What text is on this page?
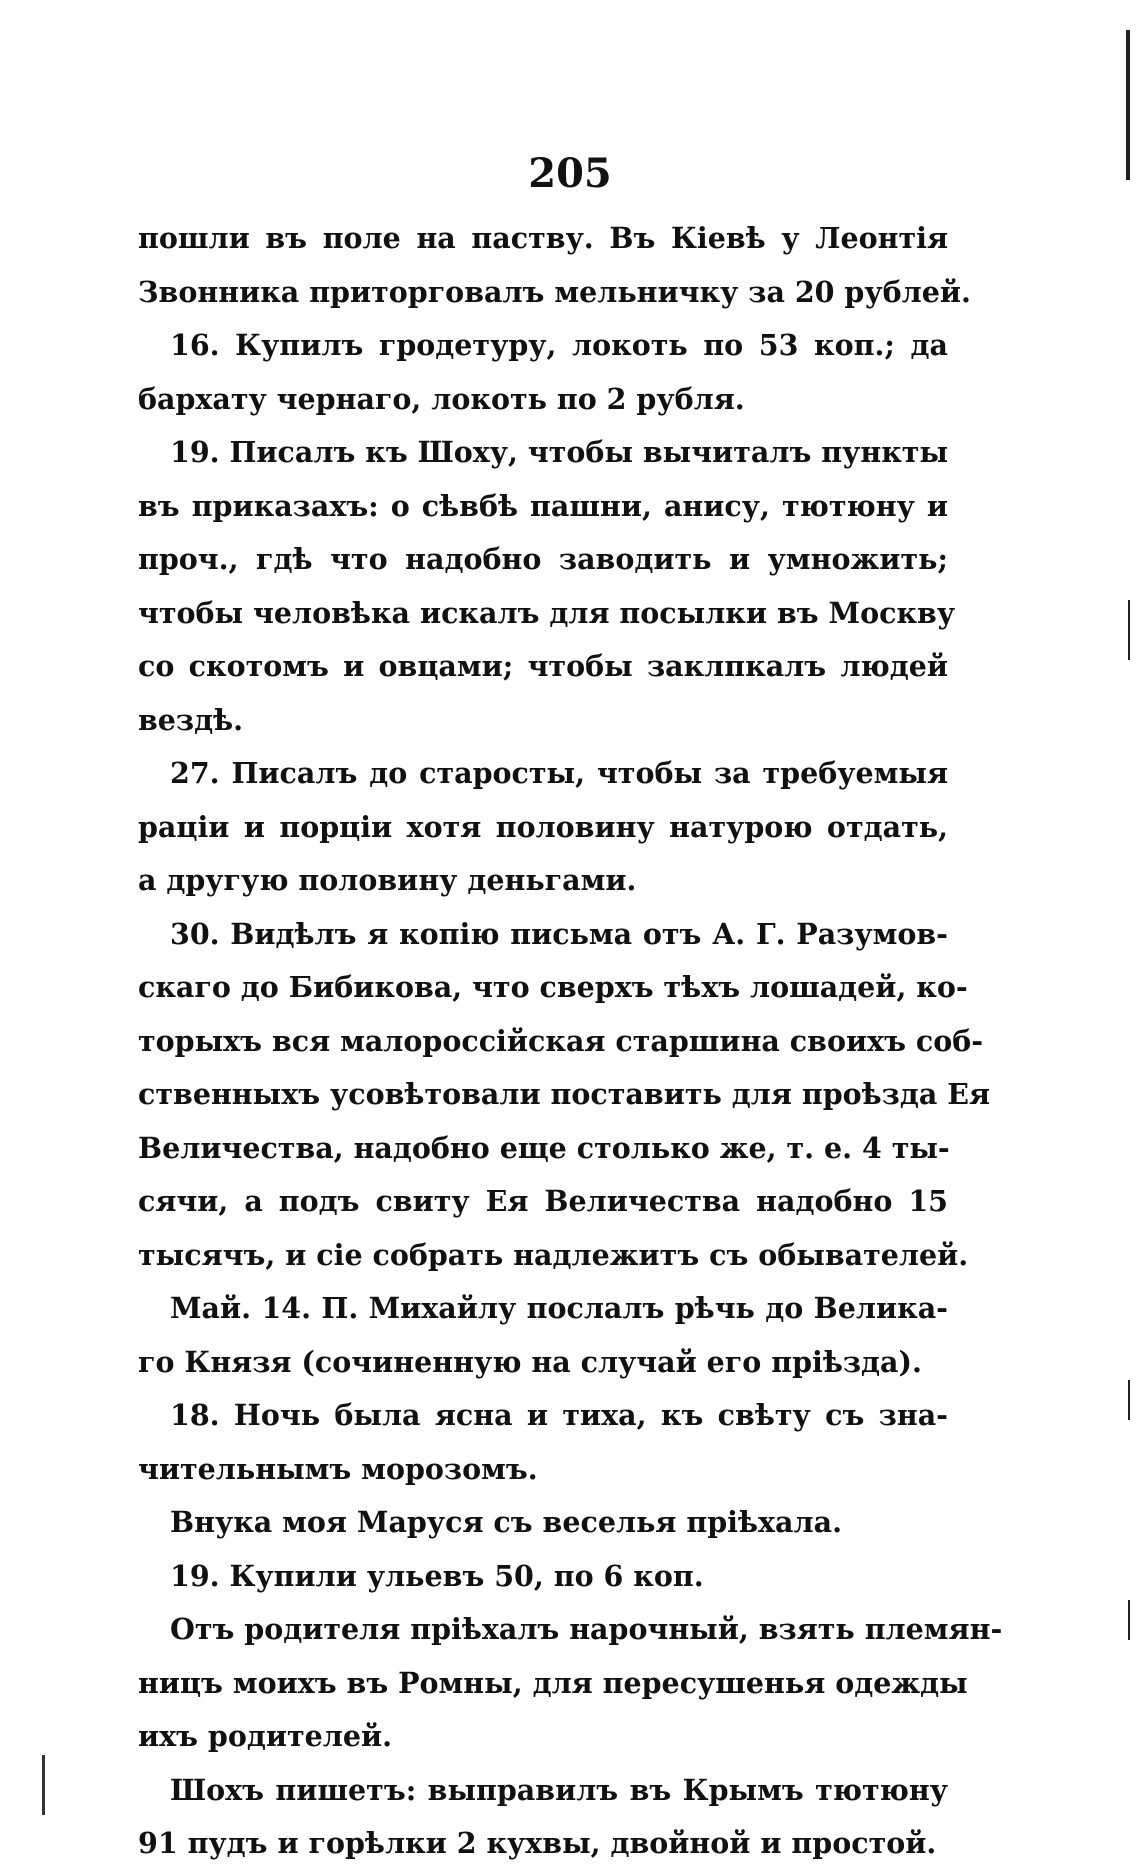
205
пошли въ поле на паству. Въ Кіевѣ у Леонтія
Звонника приторговалъ мельничку за 20 рублей.
16. Купилъ гродетуру, локоть по 53 коп.; да
бархату чернаго, локоть по 2 рубля.
19. Писалъ къ Шоху, чтобы вычиталъ пункты
въ приказахъ: о сѣвбѣ пашни, анису, тютюну и
проч., гдѣ что надобно заводить и умножить;
чтобы человѣка искалъ для посылки въ Москву
со скотомъ и овцами; чтобы заклпкалъ людей
вездѣ.
27. Писалъ до старосты, чтобы за требуемыя
раціи и порціи хотя половину натурою отдать,
а другую половину деньгами.
30. Видѣлъ я копію письма отъ А. Г. Разумов-
скаго до Бибикова, что сверхъ тѣхъ лошадей, ко-
торыхъ вся малороссійская старшина своихъ соб-
ственныхъ усовѣтовали поставить для проѣзда Ея
Величества, надобно еще столько же, т. е. 4 ты-
сячи, а подъ свиту Ея Величества надобно 15
тысячъ, и сіе собрать надлежитъ съ обывателей.
Май. 14. П. Михайлу послалъ рѣчь до Велика-
го Князя (сочиненную на случай его пріѣзда).
18. Ночь была ясна и тиха, къ свѣту съ зна-
чительнымъ морозомъ.
Внука моя Маруся съ веселья пріѣхала.
19. Купили ульевъ 50, по 6 коп.
Отъ родителя пріѣхалъ нарочный, взять племян-
ницъ моихъ въ Ромны, для пересушенья одежды
ихъ родителей.
Шохъ пишетъ: выправилъ въ Крымъ тютюну
91 пудъ и горѣлки 2 кухвы, двойной и простой.
